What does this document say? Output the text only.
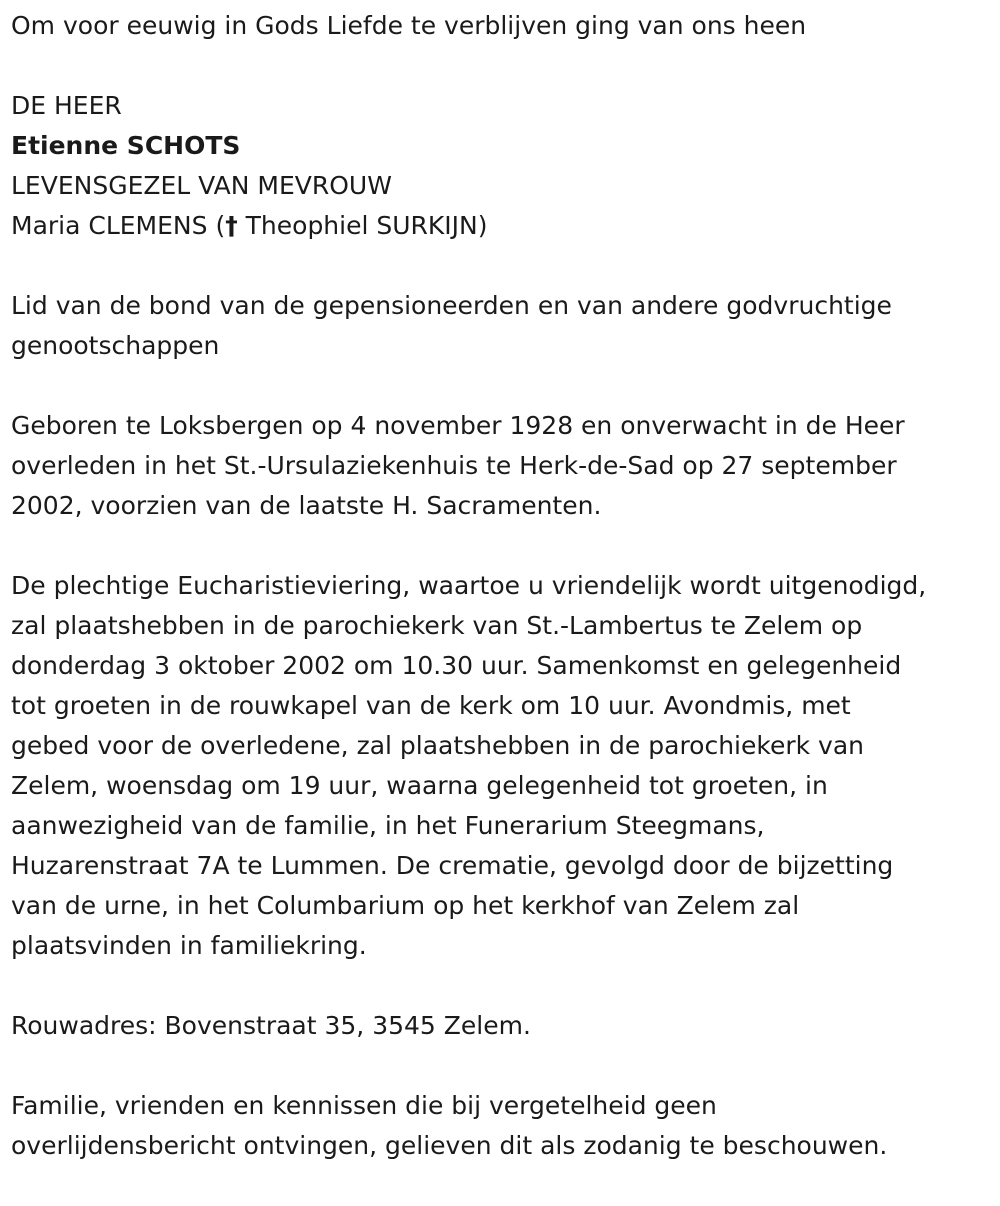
Om voor eeuwig in Gods Liefde te verblijven ging van ons heen

DE HEER

Etienne SCHOTS

LEVENSGEZEL VAN MEVROUW

Maria CLEMENS († Theophiel SURKIJN)

Lid van de bond van de gepensioneerden en van andere godvruchtige

genootschappen

Geboren te Loksbergen op 4 november 1928 en onverwacht in de Heer

overleden in het St.-Ursulaziekenhuis te Herk-de-Sad op 27 september

2002, voorzien van de laatste H. Sacramenten.

De plechtige Eucharistieviering, waartoe u vriendelijk wordt uitgenodigd,

zal plaatshebben in de parochiekerk van St.-Lambertus te Zelem op

donderdag 3 oktober 2002 om 10.30 uur. Samenkomst en gelegenheid

tot groeten in de rouwkapel van de kerk om 10 uur. Avondmis, met

gebed voor de overledene, zal plaatshebben in de parochiekerk van

Zelem, woensdag om 19 uur, waarna gelegenheid tot groeten, in

aanwezigheid van de familie, in het Funerarium Steegmans,

Huzarenstraat 7A te Lummen. De crematie, gevolgd door de bijzetting

van de urne, in het Columbarium op het kerkhof van Zelem zal

plaatsvinden in familiekring.

Rouwadres: Bovenstraat 35, 3545 Zelem.

Familie, vrienden en kennissen die bij vergetelheid geen

overlijdensbericht ontvingen, gelieven dit als zodanig te beschouwen.
